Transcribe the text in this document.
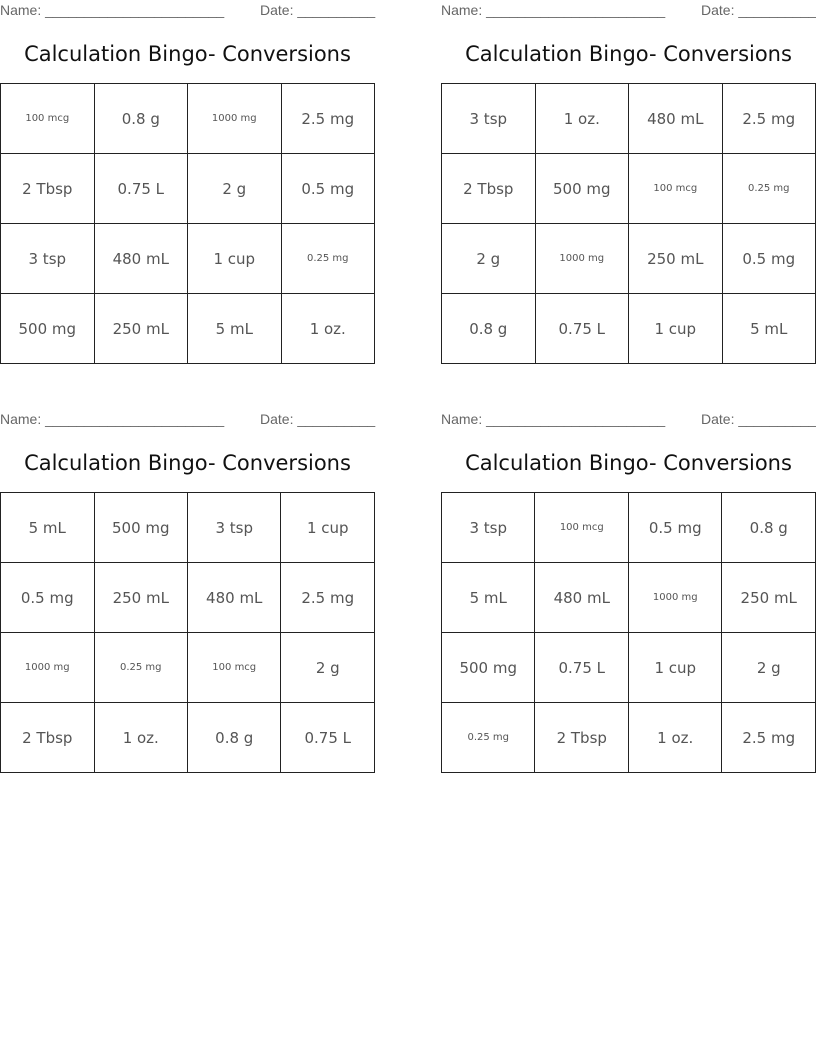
Name: _______________________	Date: __________
Calculation Bingo- Conversions
100 mcg	0.8 g	1000 mg	2.5 mg
2 Tbsp	0.75 L	2 g	0.5 mg
3 tsp	480 mL	1 cup	0.25 mg
500 mg	250 mL	5 mL	1 oz.
Name: _______________________	Date: __________
Calculation Bingo- Conversions
3 tsp	1 oz.	480 mL	2.5 mg
2 Tbsp	500 mg	100 mcg	0.25 mg
2 g	1000 mg	250 mL	0.5 mg
0.8 g	0.75 L	1 cup	5 mL
Name: _______________________	Date: __________
Calculation Bingo- Conversions
5 mL	500 mg	3 tsp	1 cup
0.5 mg	250 mL	480 mL	2.5 mg
1000 mg	0.25 mg	100 mcg	2 g
2 Tbsp	1 oz.	0.8 g	0.75 L
Name: _______________________	Date: __________
Calculation Bingo- Conversions
3 tsp	100 mcg	0.5 mg	0.8 g
5 mL	480 mL	1000 mg	250 mL
500 mg	0.75 L	1 cup	2 g
0.25 mg	2 Tbsp	1 oz.	2.5 mg
